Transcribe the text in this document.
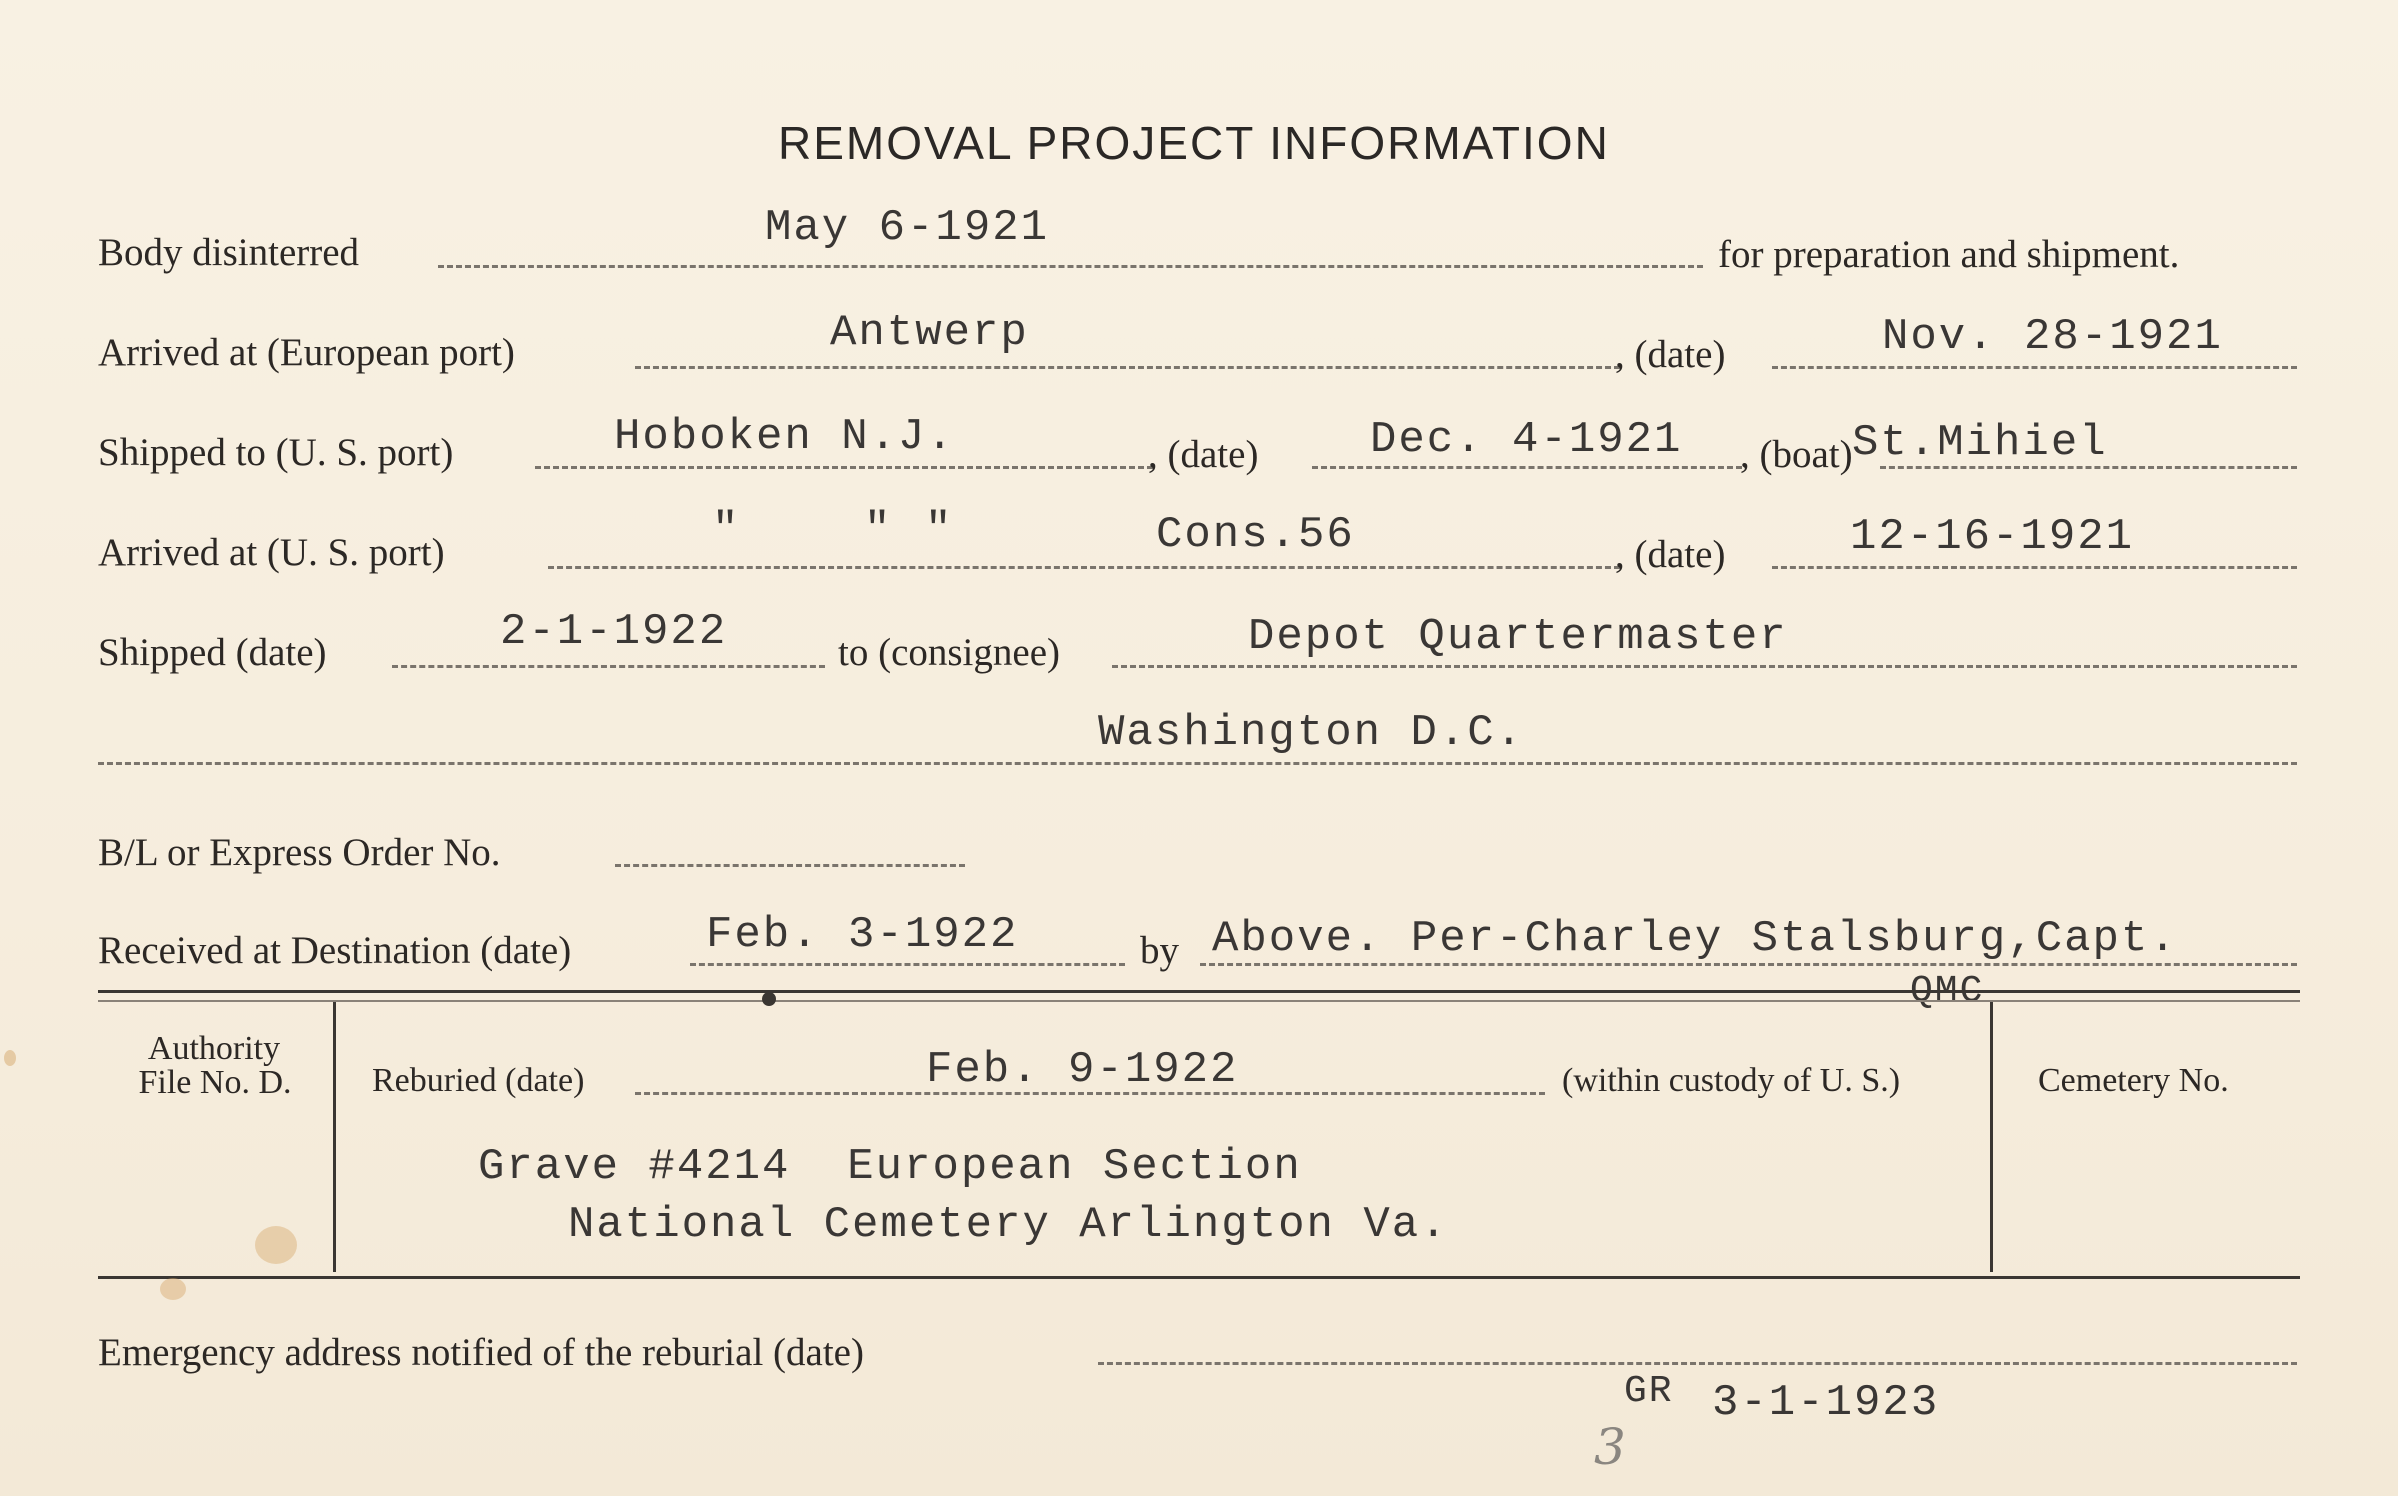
REMOVAL PROJECT INFORMATION
Body disinterred	May 6-1921
for preparation and shipment.
Arrived at (European port)	Antwerp	, (date)	Nov. 28-1921
Shipped to (U. S. port)	Hoboken N.J.	, (date)	Dec. 4-1921 , (boat) St.Mihiel
Arrived at (U. S. port)	"	" "	Cons.56	, (date)	12-16-1921
Shipped (date)	2-1-1922	to (consignee)	Depot Quartermaster
Washington D.C.
B/L or Express Order No.
Received at Destination (date)	Feb. 3-1922	by Above. Per-Charley Stalsburg,Capt.
QMC
Authority
File No. D.	Reburied (date)	Feb. 9-1922	(within custody of U. S.)	Cemetery No.
Grave #4214  European Section
National Cemetery Arlington Va.
Emergency address notified of the reburial (date)
GR 3-1-1923
3
